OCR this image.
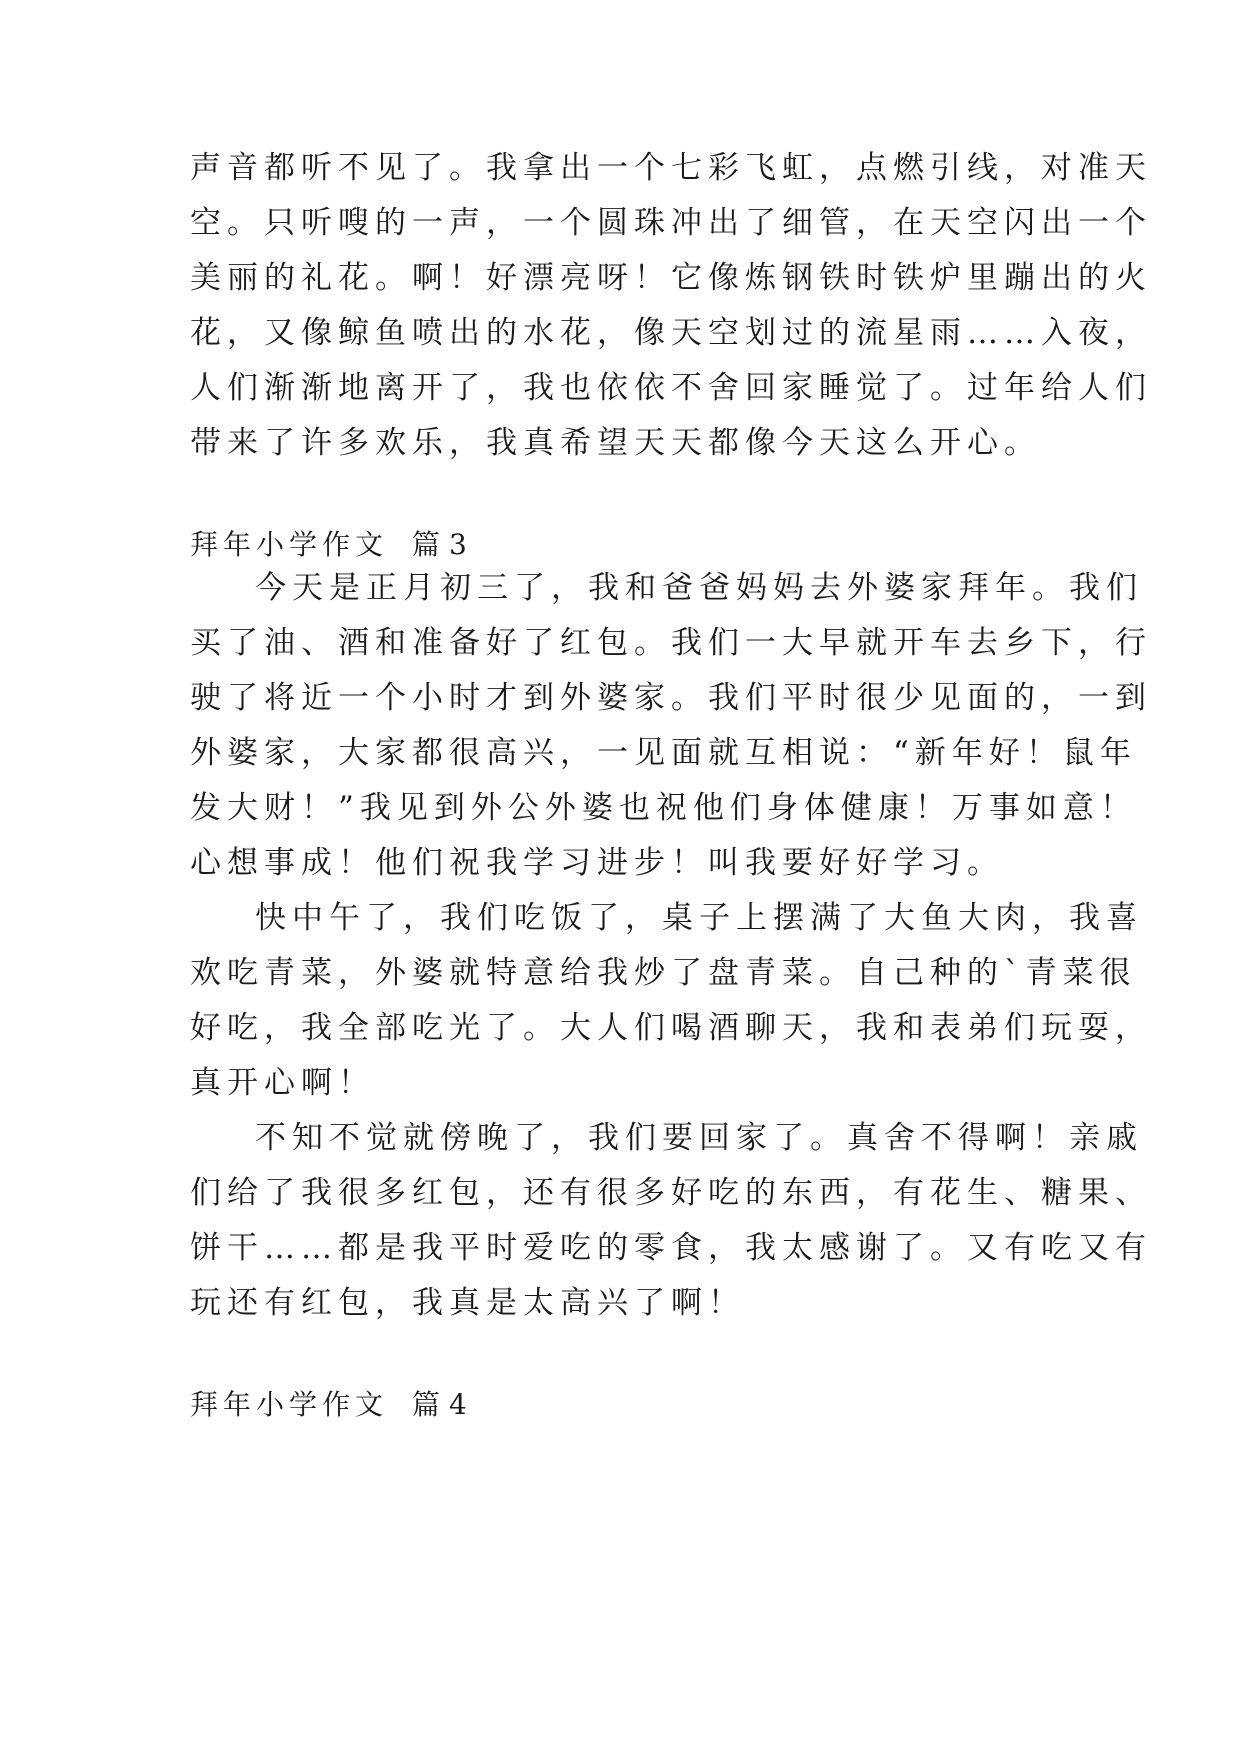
声音都听不见了。我拿出一个七彩飞虹，点燃引线，对准天
空。只听嗖的一声，一个圆珠冲出了细管，在天空闪出一个
美丽的礼花。啊！好漂亮呀！它像炼钢铁时铁炉里蹦出的火
花，又像鲸鱼喷出的水花，像天空划过的流星雨……入夜，
人们渐渐地离开了，我也依依不舍回家睡觉了。过年给人们
带来了许多欢乐，我真希望天天都像今天这么开心。
拜年小学作文 篇 3
今天是正月初三了，我和爸爸妈妈去外婆家拜年。我们
买了油、酒和准备好了红包。我们一大早就开车去乡下，行
驶了将近一个小时才到外婆家。我们平时很少见面的，一到
外婆家，大家都很高兴，一见面就互相说：“新年好！鼠年
发大财！”我见到外公外婆也祝他们身体健康！万事如意！
心想事成！他们祝我学习进步！叫我要好好学习。
快中午了，我们吃饭了，桌子上摆满了大鱼大肉，我喜
欢吃青菜，外婆就特意给我炒了盘青菜。自己种的`青菜很
好吃，我全部吃光了。大人们喝酒聊天，我和表弟们玩耍，
真开心啊！
不知不觉就傍晚了，我们要回家了。真舍不得啊！亲戚
们给了我很多红包，还有很多好吃的东西，有花生、糖果、
饼干……都是我平时爱吃的零食，我太感谢了。又有吃又有
玩还有红包，我真是太高兴了啊！
拜年小学作文 篇 4
